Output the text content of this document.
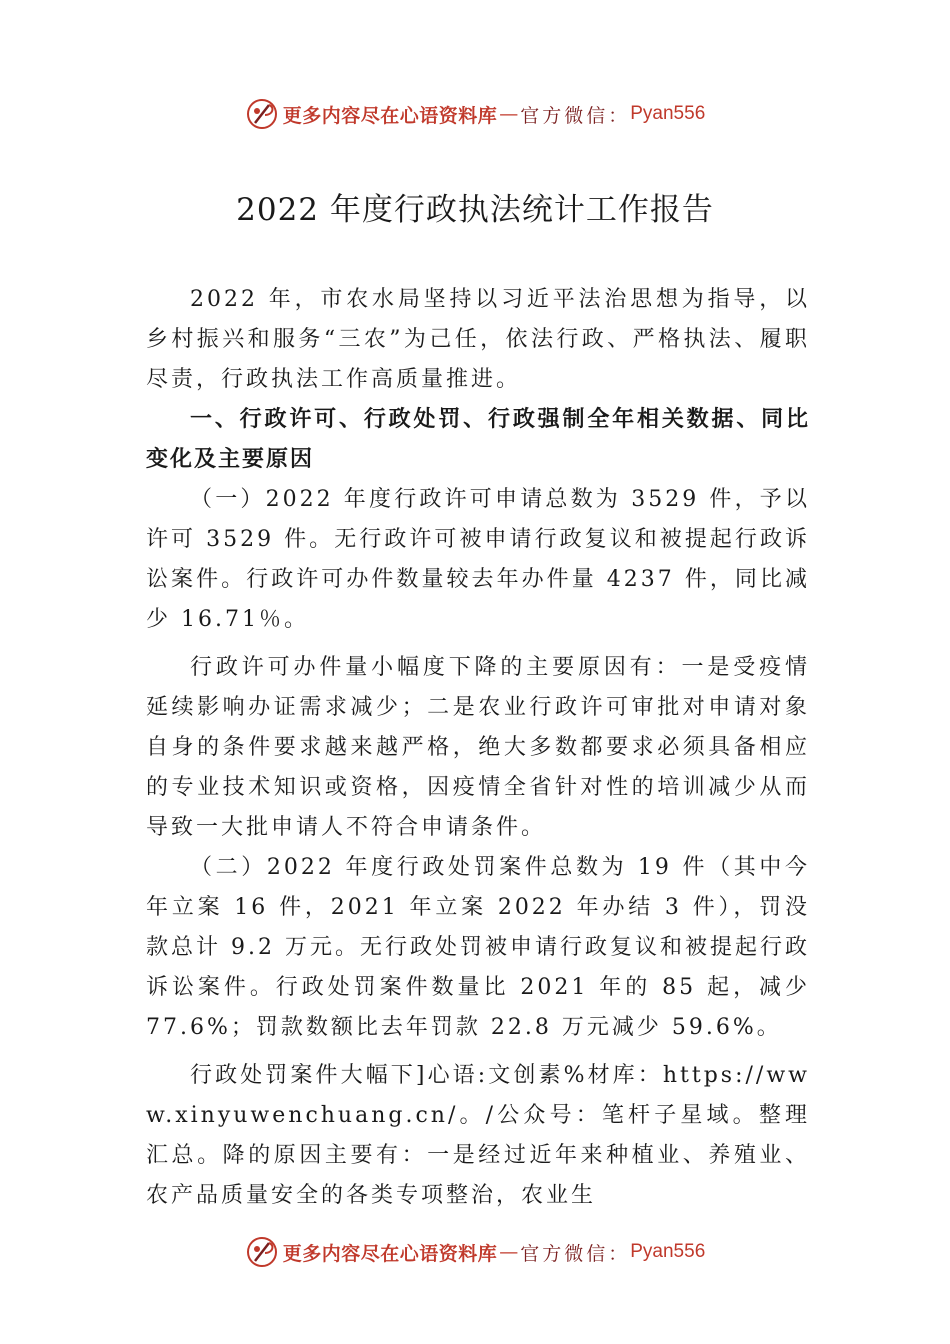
更多内容尽在心语资料库 — 官方微信： Pyan556
2022 年度行政执法统计工作报告

2022 年，市农水局坚持以习近平法治思想为指导，以乡村振兴和服务“三农”为己任，依法行政、严格执法、履职尽责，行政执法工作高质量推进。

一、行政许可、行政处罚、行政强制全年相关数据、同比变化及主要原因

（一）2022 年度行政许可申请总数为 3529 件，予以许可 3529 件。无行政许可被申请行政复议和被提起行政诉讼案件。行政许可办件数量较去年办件量 4237 件，同比减少 16.71％。

行政许可办件量小幅度下降的主要原因有：一是受疫情延续影响办证需求减少；二是农业行政许可审批对申请对象自身的条件要求越来越严格，绝大多数都要求必须具备相应的专业技术知识或资格，因疫情全省针对性的培训减少从而导致一大批申请人不符合申请条件。

（二）2022 年度行政处罚案件总数为 19 件（其中今年立案 16 件，2021 年立案 2022 年办结 3 件），罚没款总计 9.2 万元。无行政处罚被申请行政复议和被提起行政诉讼案件。行政处罚案件数量比 2021 年的 85 起，减少 77.6%；罚款数额比去年罚款 22.8 万元减少 59.6%。

行政处罚案件大幅下]心语:文创素%材库：https://www.xinyuwenchuang.cn/。/公众号：笔杆子星域。整理汇总。降的原因主要有：一是经过近年来种植业、养殖业、农产品质量安全的各类专项整治，农业生

更多内容尽在心语资料库 — 官方微信： Pyan556
